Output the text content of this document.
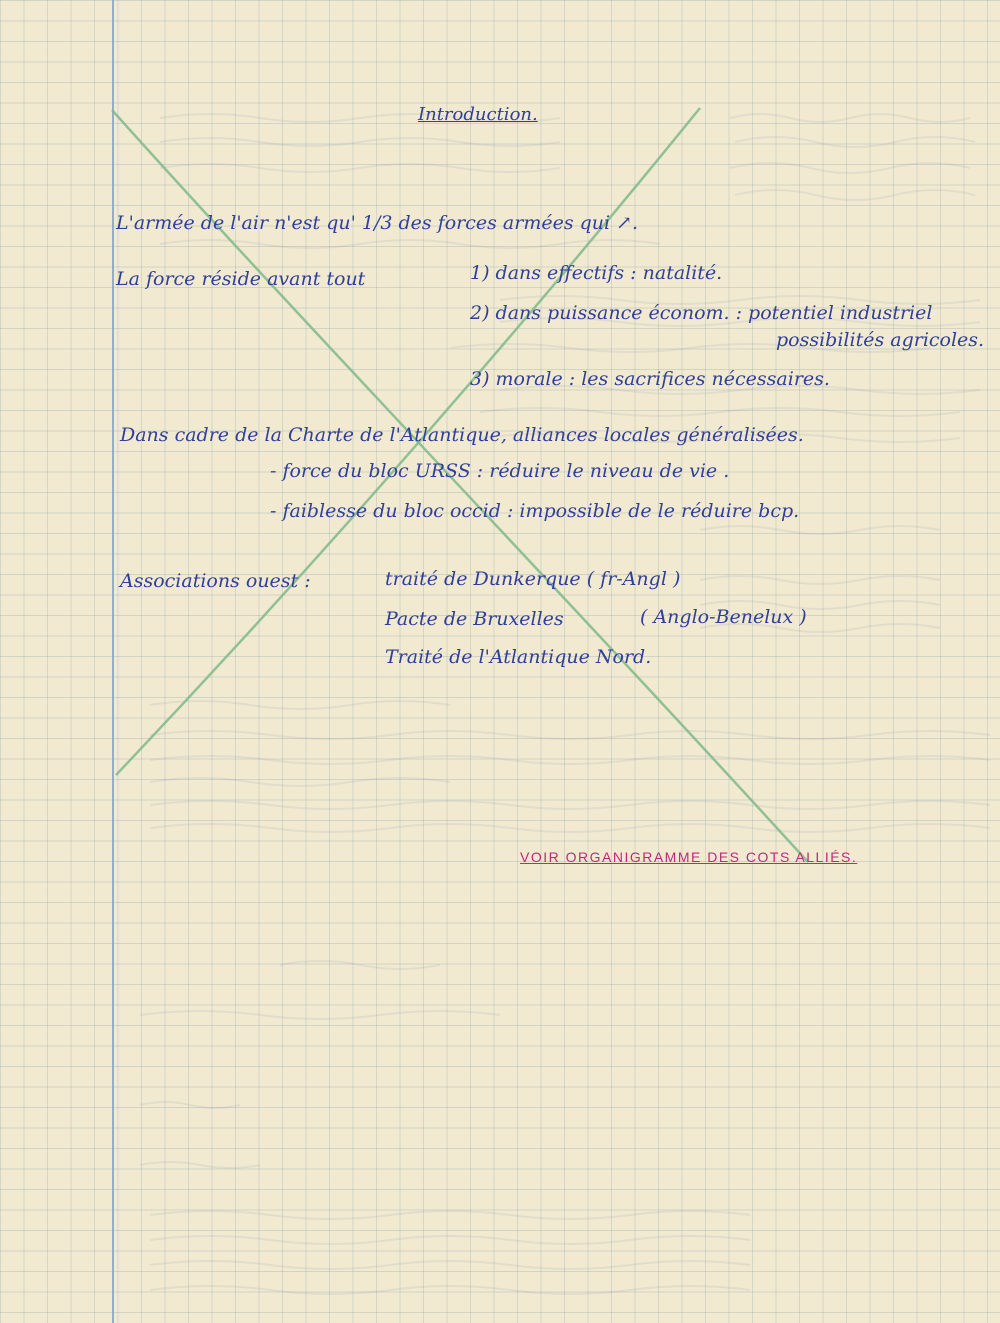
Introduction.
L'armée de l'air n'est qu' 1/3 des forces armées qui ↗.
La force réside avant tout	1) dans effectifs : natalité.
2) dans puissance économ. : potentiel industriel
possibilités agricoles.
3) morale : les sacrifices nécessaires.
Dans cadre de la Charte de l'Atlantique, alliances locales généralisées.
- force du bloc URSS : réduire le niveau de vie .
- faiblesse du bloc occid : impossible de le réduire bcp.
Associations ouest :	traité de Dunkerque ( fr-Angl )
Pacte de Bruxelles	( Anglo-Benelux )
Traité de l'Atlantique Nord.
VOIR ORGANIGRAMME DES COTS ALLIÉS.
